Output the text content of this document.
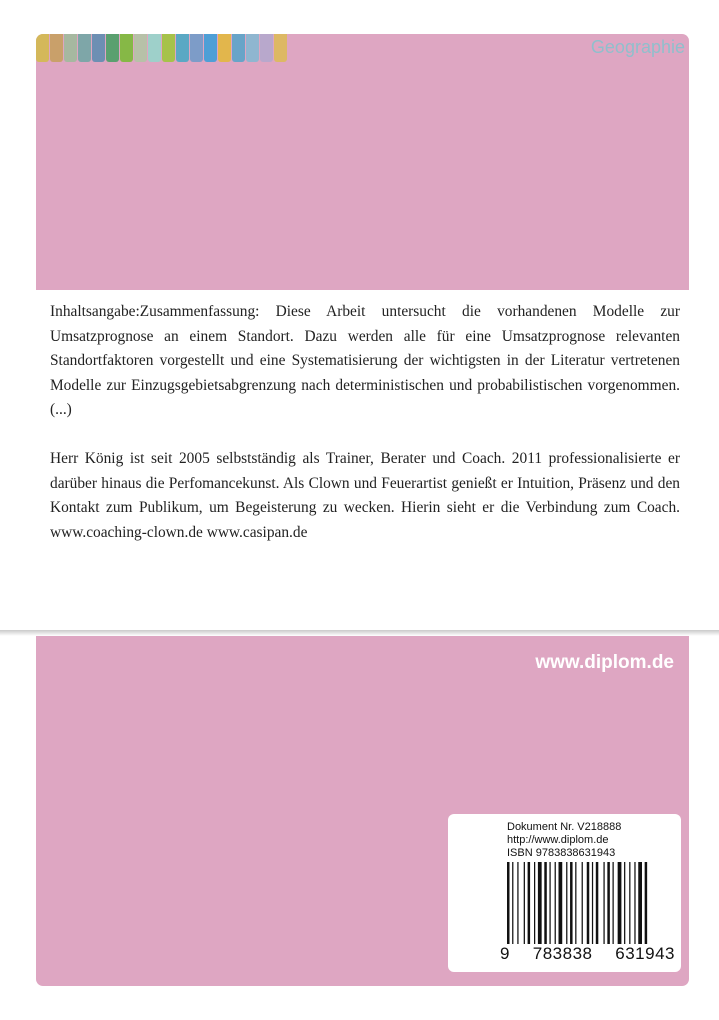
Geographie

Inhaltsangabe:Zusammenfassung: Diese Arbeit untersucht die vorhandenen Modelle zur Umsatzprognose an einem Standort. Dazu werden alle für eine Umsatzprognose relevanten Standortfaktoren vorgestellt und eine Systematisierung der wichtigsten in der Literatur vertretenen Modelle zur Einzugsgebietsabgrenzung nach deterministischen und probabilistischen vorgenommen. (...)

Herr König ist seit 2005 selbstständig als Trainer, Berater und Coach. 2011 professionalisierte er darüber hinaus die Perfomancekunst. Als Clown und Feuerartist genießt er Intuition, Präsenz und den Kontakt zum Publikum, um Begeisterung zu wecken. Hierin sieht er die Verbindung zum Coach. www.coaching-clown.de www.casipan.de

www.diplom.de
Dokument Nr. V218888
http://www.diplom.de
ISBN 9783838631943
9 783838 631943
